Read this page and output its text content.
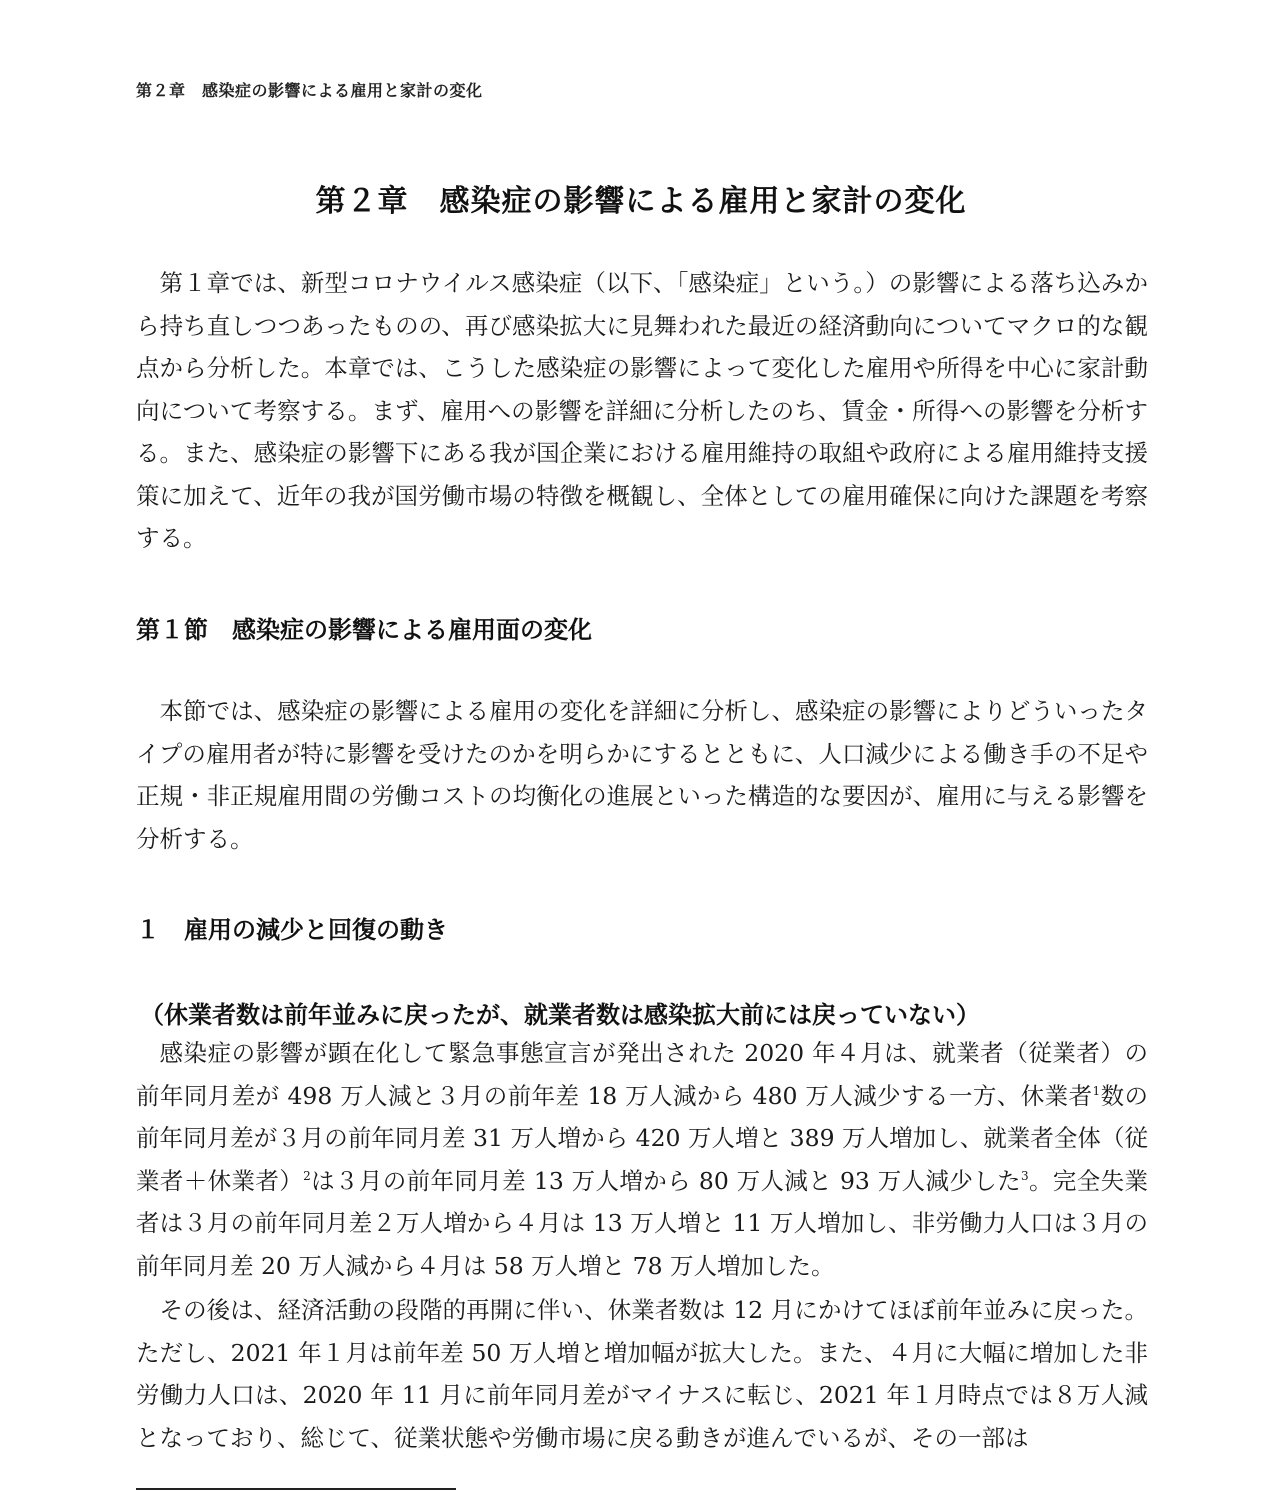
第２章　感染症の影響による雇用と家計の変化
第２章　感染症の影響による雇用と家計の変化

第１章では、新型コロナウイルス感染症（以下、「感染症」という。）の影響による落ち込みから持ち直しつつあったものの、再び感染拡大に見舞われた最近の経済動向についてマクロ的な観点から分析した。本章では、こうした感染症の影響によって変化した雇用や所得を中心に家計動向について考察する。まず、雇用への影響を詳細に分析したのち、賃金・所得への影響を分析する。また、感染症の影響下にある我が国企業における雇用維持の取組や政府による雇用維持支援策に加えて、近年の我が国労働市場の特徴を概観し、全体としての雇用確保に向けた課題を考察する。

第１節　感染症の影響による雇用面の変化

本節では、感染症の影響による雇用の変化を詳細に分析し、感染症の影響によりどういったタイプの雇用者が特に影響を受けたのかを明らかにするとともに、人口減少による働き手の不足や正規・非正規雇用間の労働コストの均衡化の進展といった構造的な要因が、雇用に与える影響を分析する。

１　雇用の減少と回復の動き
（休業者数は前年並みに戻ったが、就業者数は感染拡大前には戻っていない）

感染症の影響が顕在化して緊急事態宣言が発出された 2020 年４月は、就業者（従業者）の前年同月差が 498 万人減と３月の前年差 18 万人減から 480 万人減少する一方、休業者$^1$数の前年同月差が３月の前年同月差 31 万人増から 420 万人増と 389 万人増加し、就業者全体（従業者＋休業者）$^2$は３月の前年同月差 13 万人増から 80 万人減と 93 万人減少した$^3$。完全失業者は３月の前年同月差２万人増から４月は 13 万人増と 11 万人増加し、非労働力人口は３月の前年同月差 20 万人減から４月は 58 万人増と 78 万人増加した。

その後は、経済活動の段階的再開に伴い、休業者数は 12 月にかけてほぼ前年並みに戻った。ただし、2021 年１月は前年差 50 万人増と増加幅が拡大した。また、４月に大幅に増加した非労働力人口は、2020 年 11 月に前年同月差がマイナスに転じ、2021 年１月時点では８万人減となっており、総じて、従業状態や労働市場に戻る動きが進んでいるが、その一部は
